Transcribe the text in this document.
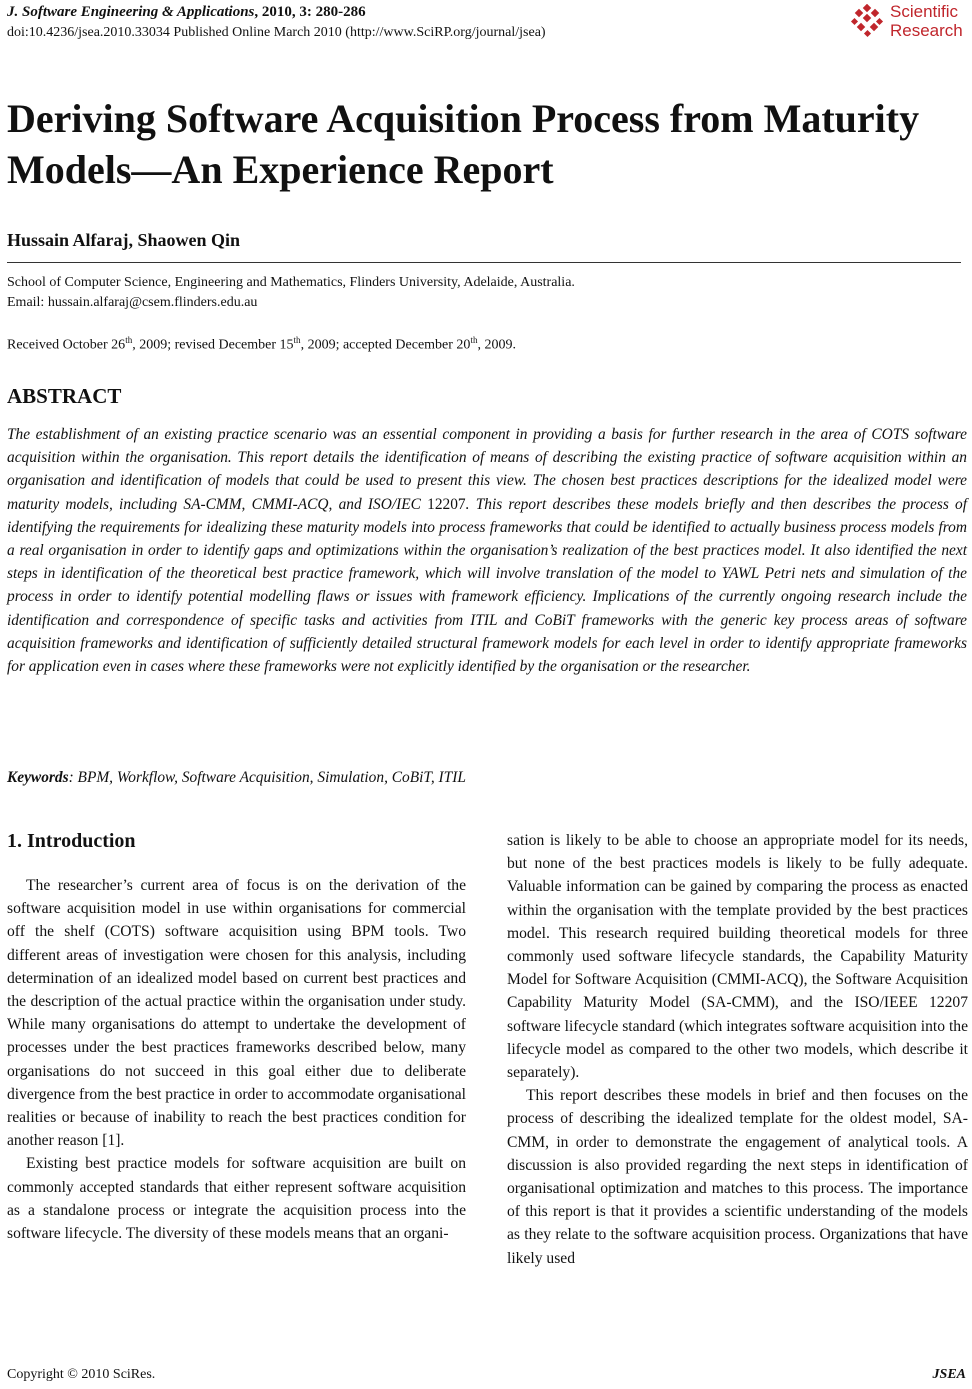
J. Software Engineering & Applications, 2010, 3: 280-286
doi:10.4236/jsea.2010.33034 Published Online March 2010 (http://www.SciRP.org/journal/jsea)
Scientific
Research
Deriving Software Acquisition Process from Maturity Models—An Experience Report
Hussain Alfaraj, Shaowen Qin
School of Computer Science, Engineering and Mathematics, Flinders University, Adelaide, Australia.
Email: hussain.alfaraj@csem.flinders.edu.au
Received October 26th, 2009; revised December 15th, 2009; accepted December 20th, 2009.
ABSTRACT
The establishment of an existing practice scenario was an essential component in providing a basis for further research in the area of COTS software acquisition within the organisation. This report details the identification of means of describing the existing practice of software acquisition within an organisation and identification of models that could be used to present this view. The chosen best practices descriptions for the idealized model were maturity models, including SA-CMM, CMMI-ACQ, and ISO/IEC 12207. This report describes these models briefly and then describes the process of identifying the requirements for idealizing these maturity models into process frameworks that could be identified to actually business process models from a real organisation in order to identify gaps and optimizations within the organisation’s realization of the best practices model. It also identified the next steps in identification of the theoretical best practice framework, which will involve translation of the model to YAWL Petri nets and simulation of the process in order to identify potential modelling flaws or issues with framework efficiency. Implications of the currently ongoing research include the identification and correspondence of specific tasks and activities from ITIL and CoBiT frameworks with the generic key process areas of software acquisition frameworks and identification of sufficiently detailed structural framework models for each level in order to identify appropriate frameworks for application even in cases where these frameworks were not explicitly identified by the organisation or the researcher.
Keywords: BPM, Workflow, Software Acquisition, Simulation, CoBiT, ITIL
1. Introduction

The researcher’s current area of focus is on the derivation of the software acquisition model in use within organisations for commercial off the shelf (COTS) software acquisition using BPM tools. Two different areas of investigation were chosen for this analysis, including determination of an idealized model based on current best practices and the description of the actual practice within the organisation under study. While many organisations do attempt to undertake the development of processes under the best practices frameworks described below, many organisations do not succeed in this goal either due to deliberate divergence from the best practice in order to accommodate organisational realities or because of inability to reach the best practices condition for another reason [1].

Existing best practice models for software acquisition are built on commonly accepted standards that either represent software acquisition as a standalone process or integrate the acquisition process into the software lifecycle. The diversity of these models means that an organi-

sation is likely to be able to choose an appropriate model for its needs, but none of the best practices models is likely to be fully adequate. Valuable information can be gained by comparing the process as enacted within the organisation with the template provided by the best practices model. This research required building theoretical models for three commonly used software lifecycle standards, the Capability Maturity Model for Software Acquisition (CMMI-ACQ), the Software Acquisition Capability Maturity Model (SA-CMM), and the ISO/IEEE 12207 software lifecycle standard (which integrates software acquisition into the lifecycle model as compared to the other two models, which describe it separately).

This report describes these models in brief and then focuses on the process of describing the idealized template for the oldest model, SA-CMM, in order to demonstrate the engagement of analytical tools. A discussion is also provided regarding the next steps in identification of organisational optimization and matches to this process. The importance of this report is that it provides a scientific understanding of the models as they relate to the software acquisition process. Organizations that have likely used

Copyright © 2010 SciRes.	JSEA
